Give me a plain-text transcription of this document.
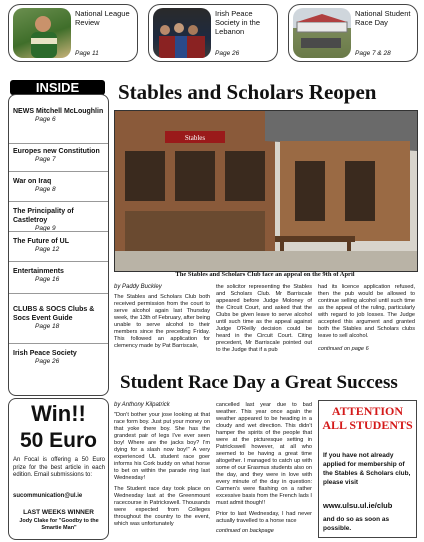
National League Review
Page 11
Irish Peace Society in the Lebanon
Page 26
National Student Race Day
Page 7 & 28
INSIDE
NEWS Mitchell McLoughlin
Page 6
Europes new Constitution
Page 7
War on Iraq
Page 8
The Principality of Castletroy
Page 9
The Future of UL
Page 12
Entertainments
Page 16
CLUBS & SOCS Clubs & Socs Event Guide
Page 18
Irish Peace Society
Page 26
Stables and Scholars Reopen
Stables
The Stables and Scholars Club face an appeal on the 9th of April
by Paddy Buckley
The Stables and Scholars Club both received permission from the court to serve alcohol again last Thursday week, the 13th of February, after being unable to serve alcohol to their members since the preceding Friday. This followed an application for clemency made by Pat Barriscale,
the solicitor representing the Stables and Scholars Club. Mr Barriscale appeared before Judge Moloney of the Circuit Court, and asked that the Clubs be given leave to serve alcohol until such time as the appeal against Judge O'Reilly decision could be heard in the Circuit Court. Citing precedent, Mr Barriscale pointed out to the Judge that if a pub
had its licence application refused, then the pub would be allowed to continue selling alcohol until such time as the appeal of the ruling, particularly with regard to job losses. The Judge accepted this argument and granted both the Stables and Scholars clubs leave to sell alcohol.
continued on page 6
Student Race Day a Great Success
by Anthony Kilpatrick
"Don't bother your jose looking at that race form boy. Just put your money on that yoke there boy. She has the grandest pair of legs I've ever seen boy! Where are the jacks boy? I'm dying for a slash now boy!" A very experienced UL student race goer informs his Cork buddy on what horse to bet on within the parade ring last Wednesday!
The Student race day took place on Wednesday last at the Greenmount racecourse in Patrickswell. Thousands were expected from Colleges throughout the country to the event, which was unfortunately
cancelled last year due to bad weather. This year once again the weather appeared to be heading in a cloudy and wet direction. This didn't hamper the spirits of the people that were at the picturesque setting in Patrickswell however, at all who seemed to be having a great time altogether. I managed to catch up with some of our Erasmus students also on the day, and they were in love with every minute of the day in question: Carmen's were flashing on a rather excessive basis from the French lads I must admit though!!
Prior to last Wednesday, I had never actually travelled to a horse race
continued on backpage
Win!!
50 Euro
An Focal is offering a 50 Euro prize for the best article in each edition. Email submissions to:
sucommunication@ul.ie
LAST WEEKS WINNER
Jody Clake for "Goodby to the Smartie Man"
ATTENTION ALL STUDENTS
If you have not already applied for membership of the Stables & Scholars club, please visit
www.ulsu.ul.ie/club
and do so as soon as possible.
